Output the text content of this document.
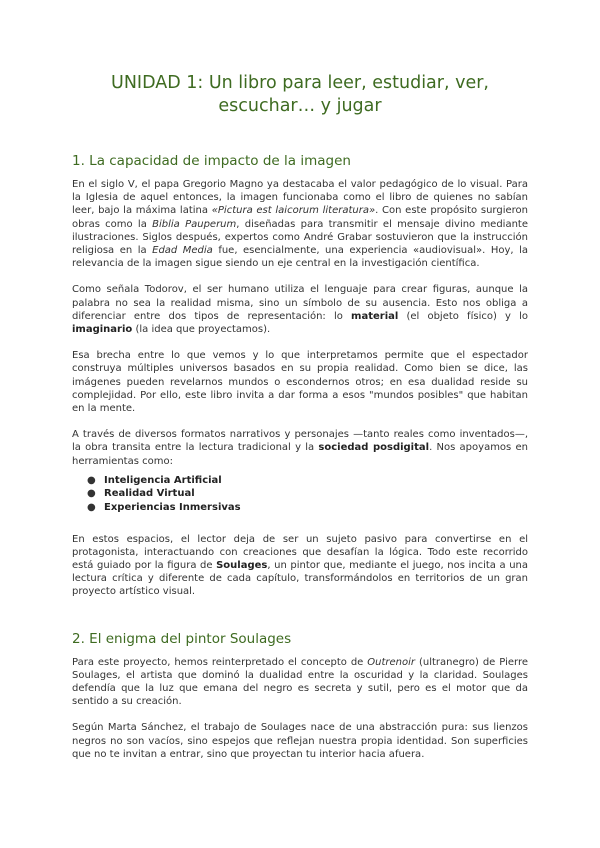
UNIDAD 1: Un libro para leer, estudiar, ver, escuchar… y jugar
1. La capacidad de impacto de la imagen

En el siglo V, el papa Gregorio Magno ya destacaba el valor pedagógico de lo visual. Para la Iglesia de aquel entonces, la imagen funcionaba como el libro de quienes no sabían leer, bajo la máxima latina «Pictura est laicorum literatura». Con este propósito surgieron obras como la Biblia Pauperum, diseñadas para transmitir el mensaje divino mediante ilustraciones. Siglos después, expertos como André Grabar sostuvieron que la instrucción religiosa en la Edad Media fue, esencialmente, una experiencia «audiovisual». Hoy, la relevancia de la imagen sigue siendo un eje central en la investigación científica.

Como señala Todorov, el ser humano utiliza el lenguaje para crear figuras, aunque la palabra no sea la realidad misma, sino un símbolo de su ausencia. Esto nos obliga a diferenciar entre dos tipos de representación: lo material (el objeto físico) y lo imaginario (la idea que proyectamos).

Esa brecha entre lo que vemos y lo que interpretamos permite que el espectador construya múltiples universos basados en su propia realidad. Como bien se dice, las imágenes pueden revelarnos mundos o escondernos otros; en esa dualidad reside su complejidad. Por ello, este libro invita a dar forma a esos "mundos posibles" que habitan en la mente.

A través de diversos formatos narrativos y personajes —tanto reales como inventados—, la obra transita entre la lectura tradicional y la sociedad posdigital. Nos apoyamos en herramientas como:

● Inteligencia Artificial
● Realidad Virtual
● Experiencias Inmersivas

En estos espacios, el lector deja de ser un sujeto pasivo para convertirse en el protagonista, interactuando con creaciones que desafían la lógica. Todo este recorrido está guiado por la figura de Soulages, un pintor que, mediante el juego, nos incita a una lectura crítica y diferente de cada capítulo, transformándolos en territorios de un gran proyecto artístico visual.

2. El enigma del pintor Soulages

Para este proyecto, hemos reinterpretado el concepto de Outrenoir (ultranegro) de Pierre Soulages, el artista que dominó la dualidad entre la oscuridad y la claridad. Soulages defendía que la luz que emana del negro es secreta y sutil, pero es el motor que da sentido a su creación.

Según Marta Sánchez, el trabajo de Soulages nace de una abstracción pura: sus lienzos negros no son vacíos, sino espejos que reflejan nuestra propia identidad. Son superficies que no te invitan a entrar, sino que proyectan tu interior hacia afuera.
